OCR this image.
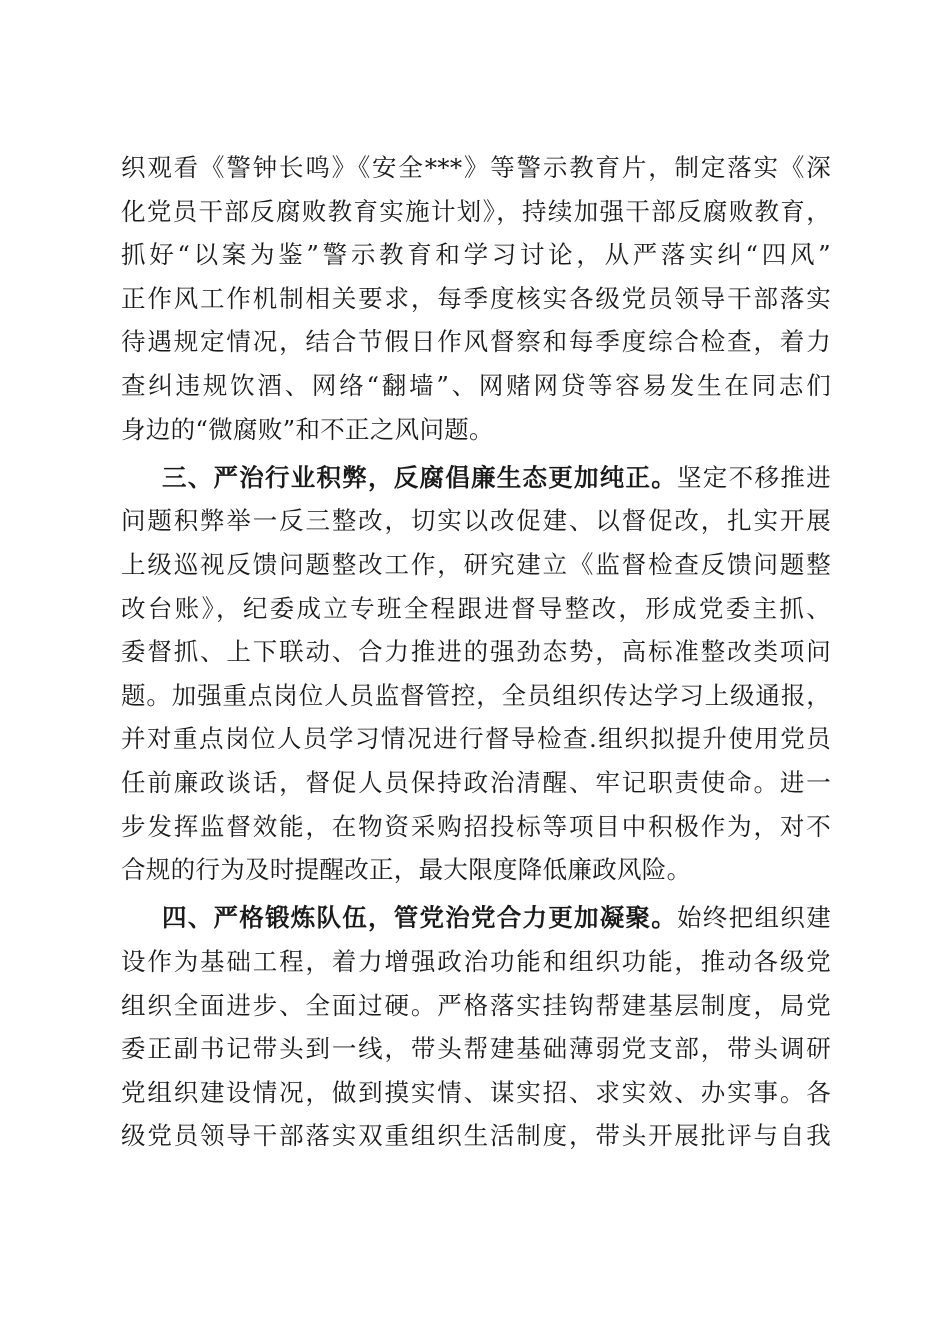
织观看《警钟长鸣》《安全***》等警示教育片，制定落实《深
化党员干部反腐败教育实施计划》，持续加强干部反腐败教育，
抓好“以案为鉴”警示教育和学习讨论，从严落实纠“四风”
正作风工作机制相关要求，每季度核实各级党员领导干部落实
待遇规定情况，结合节假日作风督察和每季度综合检查，着力
查纠违规饮酒、网络“翻墙”、网赌网贷等容易发生在同志们
身边的“微腐败”和不正之风问题。
三、严治行业积弊，反腐倡廉生态更加纯正。坚定不移推进
问题积弊举一反三整改，切实以改促建、以督促改，扎实开展
上级巡视反馈问题整改工作，研究建立《监督检查反馈问题整
改台账》，纪委成立专班全程跟进督导整改，形成党委主抓、
委督抓、上下联动、合力推进的强劲态势，高标准整改类项问
题。加强重点岗位人员监督管控，全员组织传达学习上级通报，
并对重点岗位人员学习情况进行督导检查.组织拟提升使用党员
任前廉政谈话，督促人员保持政治清醒、牢记职责使命。进一
步发挥监督效能，在物资采购招投标等项目中积极作为，对不
合规的行为及时提醒改正，最大限度降低廉政风险。
四、严格锻炼队伍，管党治党合力更加凝聚。始终把组织建
设作为基础工程，着力增强政治功能和组织功能，推动各级党
组织全面进步、全面过硬。严格落实挂钩帮建基层制度，局党
委正副书记带头到一线，带头帮建基础薄弱党支部，带头调研
党组织建设情况，做到摸实情、谋实招、求实效、办实事。各
级党员领导干部落实双重组织生活制度，带头开展批评与自我
